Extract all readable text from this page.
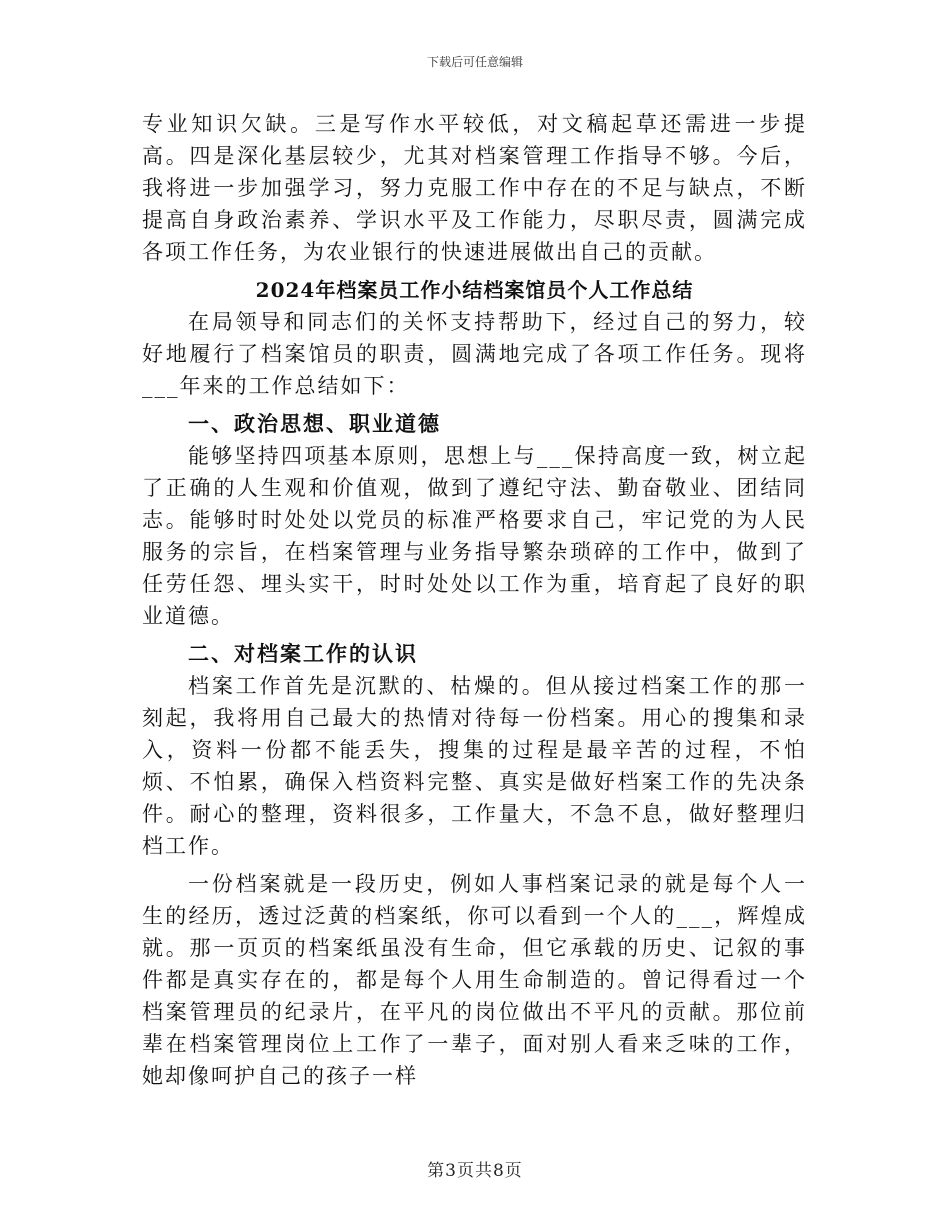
下载后可任意编辑

专业知识欠缺。三是写作水平较低，对文稿起草还需进一步提高。四是深化基层较少，尤其对档案管理工作指导不够。今后，我将进一步加强学习，努力克服工作中存在的不足与缺点，不断提高自身政治素养、学识水平及工作能力，尽职尽责，圆满完成各项工作任务，为农业银行的快速进展做出自己的贡献。

2024年档案员工作小结档案馆员个人工作总结

在局领导和同志们的关怀支持帮助下，经过自己的努力，较好地履行了档案馆员的职责，圆满地完成了各项工作任务。现将___年来的工作总结如下：

一、政治思想、职业道德

能够坚持四项基本原则，思想上与___保持高度一致，树立起了正确的人生观和价值观，做到了遵纪守法、勤奋敬业、团结同志。能够时时处处以党员的标准严格要求自己，牢记党的为人民服务的宗旨，在档案管理与业务指导繁杂琐碎的工作中，做到了任劳任怨、埋头实干，时时处处以工作为重，培育起了良好的职业道德。

二、对档案工作的认识

档案工作首先是沉默的、枯燥的。但从接过档案工作的那一刻起，我将用自己最大的热情对待每一份档案。用心的搜集和录入，资料一份都不能丢失，搜集的过程是最辛苦的过程，不怕烦、不怕累，确保入档资料完整、真实是做好档案工作的先决条件。耐心的整理，资料很多，工作量大，不急不息，做好整理归档工作。

一份档案就是一段历史，例如人事档案记录的就是每个人一生的经历，透过泛黄的档案纸，你可以看到一个人的___，辉煌成就。那一页页的档案纸虽没有生命，但它承载的历史、记叙的事件都是真实存在的，都是每个人用生命制造的。曾记得看过一个档案管理员的纪录片，在平凡的岗位做出不平凡的贡献。那位前辈在档案管理岗位上工作了一辈子，面对别人看来乏味的工作，她却像呵护自己的孩子一样

第3页共8页
